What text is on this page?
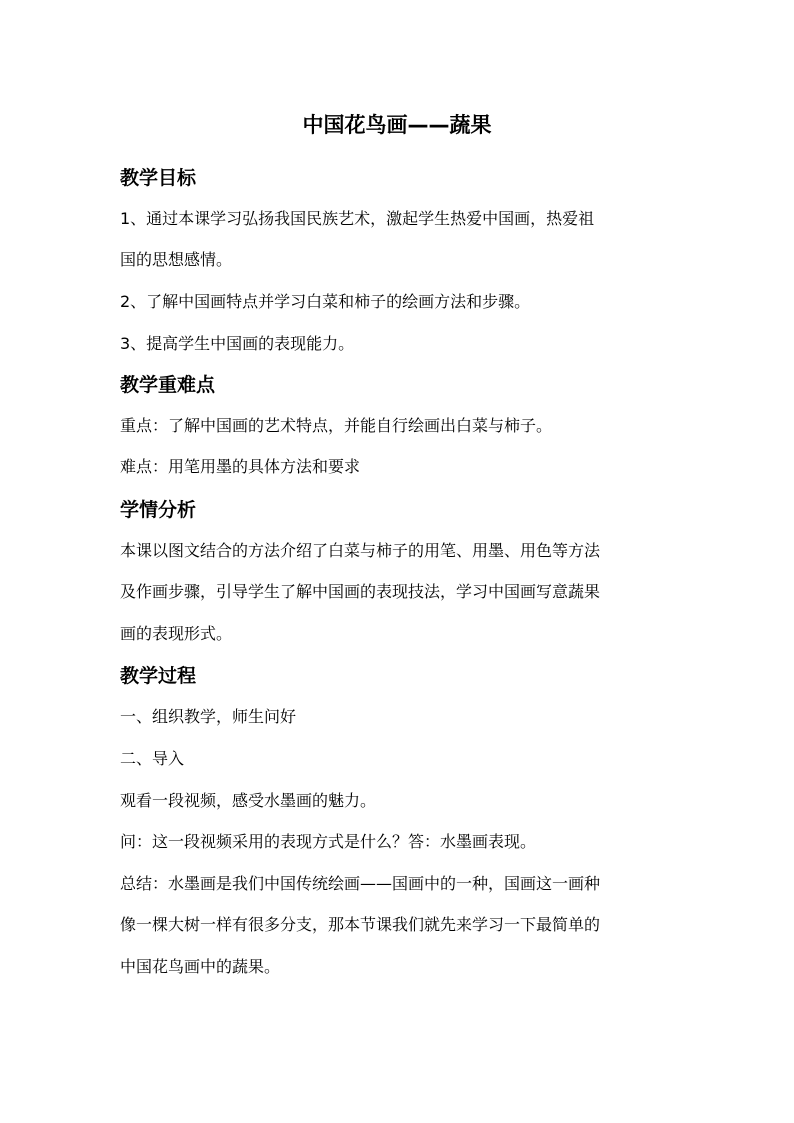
中国花鸟画——蔬果
教学目标
1、通过本课学习弘扬我国民族艺术，激起学生热爱中国画，热爱祖
国的思想感情。
2、了解中国画特点并学习白菜和柿子的绘画方法和步骤。
3、提高学生中国画的表现能力。
教学重难点
重点：了解中国画的艺术特点，并能自行绘画出白菜与柿子。
难点：用笔用墨的具体方法和要求
学情分析
本课以图文结合的方法介绍了白菜与柿子的用笔、用墨、用色等方法
及作画步骤，引导学生了解中国画的表现技法，学习中国画写意蔬果
画的表现形式。
教学过程
一、组织教学，师生问好
二、导入
观看一段视频，感受水墨画的魅力。
问：这一段视频采用的表现方式是什么？答：水墨画表现。
总结：水墨画是我们中国传统绘画——国画中的一种，国画这一画种
像一棵大树一样有很多分支，那本节课我们就先来学习一下最简单的
中国花鸟画中的蔬果。
